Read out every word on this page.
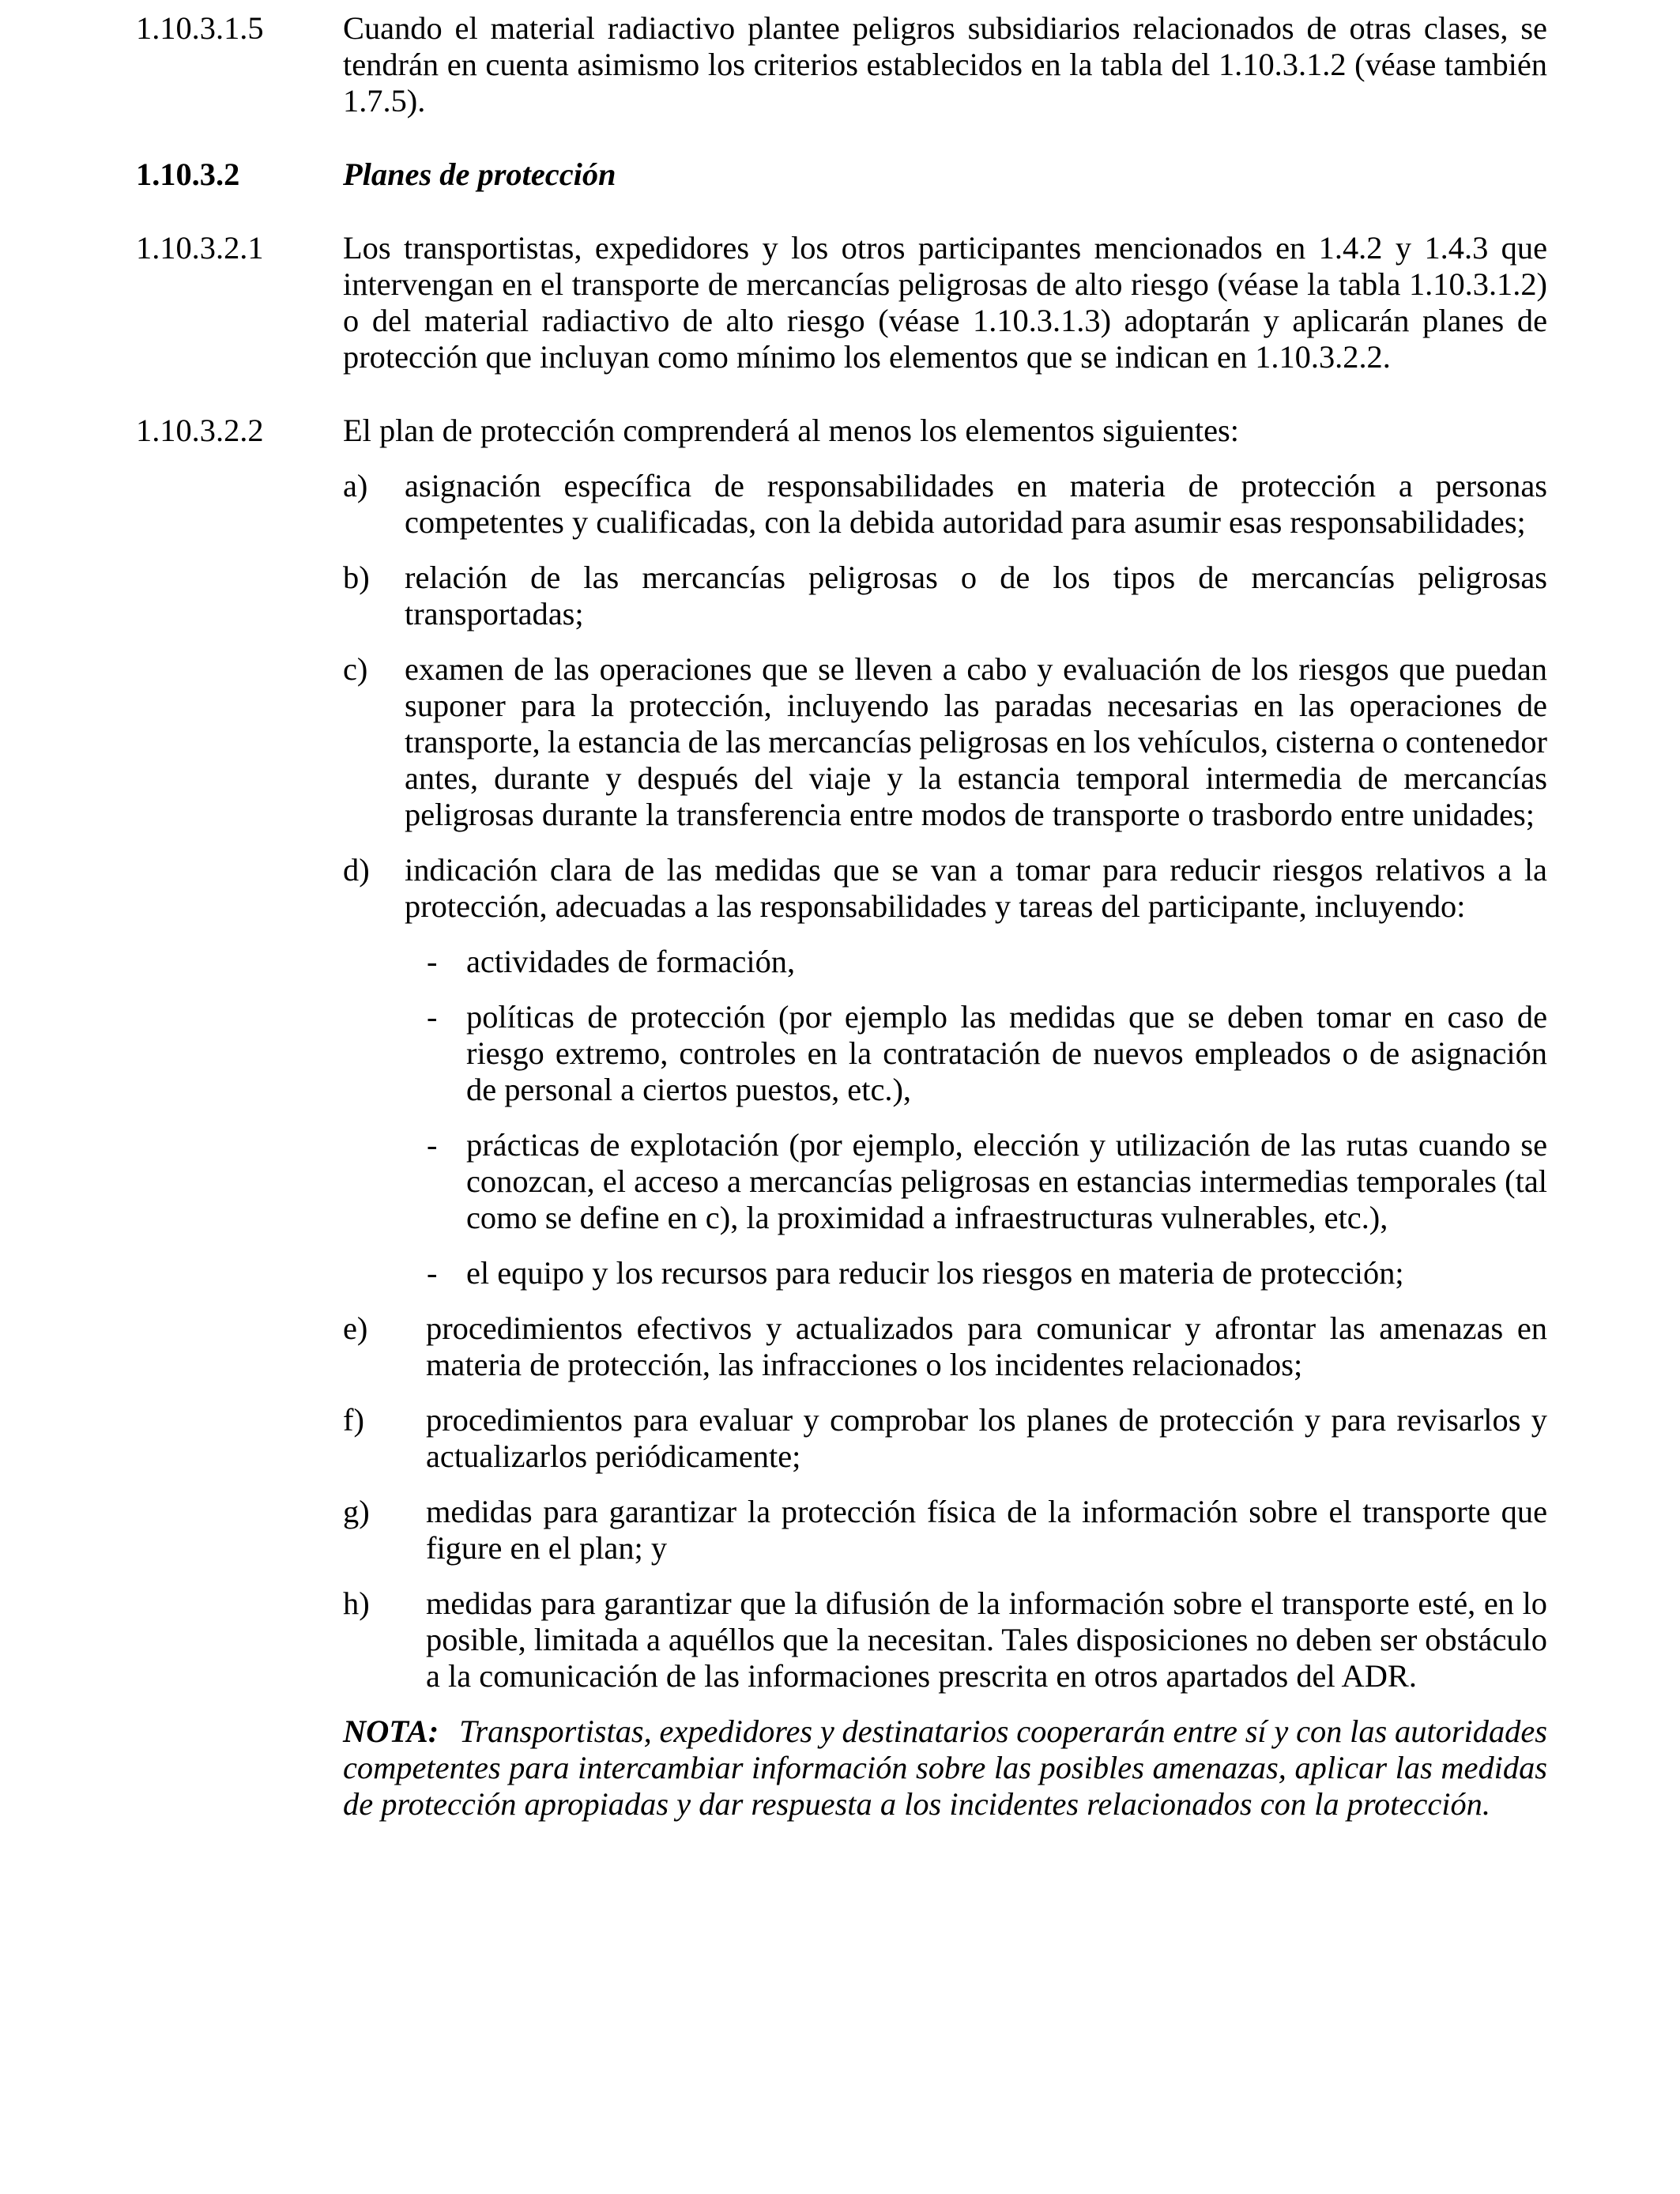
1.10.3.1.5	Cuando el material radiactivo plantee peligros subsidiarios relacionados de otras clases, se
tendrán en cuenta asimismo los criterios establecidos en la tabla del 1.10.3.1.2 (véase también
1.7.5).
1.10.3.2	Planes de protección
1.10.3.2.1	Los transportistas, expedidores y los otros participantes mencionados en 1.4.2 y 1.4.3 que
intervengan en el transporte de mercancías peligrosas de alto riesgo (véase la tabla 1.10.3.1.2)
o del material radiactivo de alto riesgo (véase 1.10.3.1.3) adoptarán y aplicarán planes de
protección que incluyan como mínimo los elementos que se indican en 1.10.3.2.2.
1.10.3.2.2	El plan de protección comprenderá al menos los elementos siguientes:
a)	asignación específica de responsabilidades en materia de protección a personas
competentes y cualificadas, con la debida autoridad para asumir esas responsabilidades;
b)	relación de las mercancías peligrosas o de los tipos de mercancías peligrosas
transportadas;
c)	examen de las operaciones que se lleven a cabo y evaluación de los riesgos que puedan
suponer para la protección, incluyendo las paradas necesarias en las operaciones de
transporte, la estancia de las mercancías peligrosas en los vehículos, cisterna o contenedor
antes, durante y después del viaje y la estancia temporal intermedia de mercancías
peligrosas durante la transferencia entre modos de transporte o trasbordo entre unidades;
d)	indicación clara de las medidas que se van a tomar para reducir riesgos relativos a la
protección, adecuadas a las responsabilidades y tareas del participante, incluyendo:
- actividades de formación,
- políticas de protección (por ejemplo las medidas que se deben tomar en caso de
riesgo extremo, controles en la contratación de nuevos empleados o de asignación
de personal a ciertos puestos, etc.),
- prácticas de explotación (por ejemplo, elección y utilización de las rutas cuando se
conozcan, el acceso a mercancías peligrosas en estancias intermedias temporales (tal
como se define en c), la proximidad a infraestructuras vulnerables, etc.),
- el equipo y los recursos para reducir los riesgos en materia de protección;
e)	procedimientos efectivos y actualizados para comunicar y afrontar las amenazas en
materia de protección, las infracciones o los incidentes relacionados;
f)	procedimientos para evaluar y comprobar los planes de protección y para revisarlos y
actualizarlos periódicamente;
g)	medidas para garantizar la protección física de la información sobre el transporte que
figure en el plan; y
h)	medidas para garantizar que la difusión de la información sobre el transporte esté, en lo
posible, limitada a aquéllos que la necesitan. Tales disposiciones no deben ser obstáculo
a la comunicación de las informaciones prescrita en otros apartados del ADR.
NOTA: Transportistas, expedidores y destinatarios cooperarán entre sí y con las autoridades
competentes para intercambiar información sobre las posibles amenazas, aplicar las medidas
de protección apropiadas y dar respuesta a los incidentes relacionados con la protección.
